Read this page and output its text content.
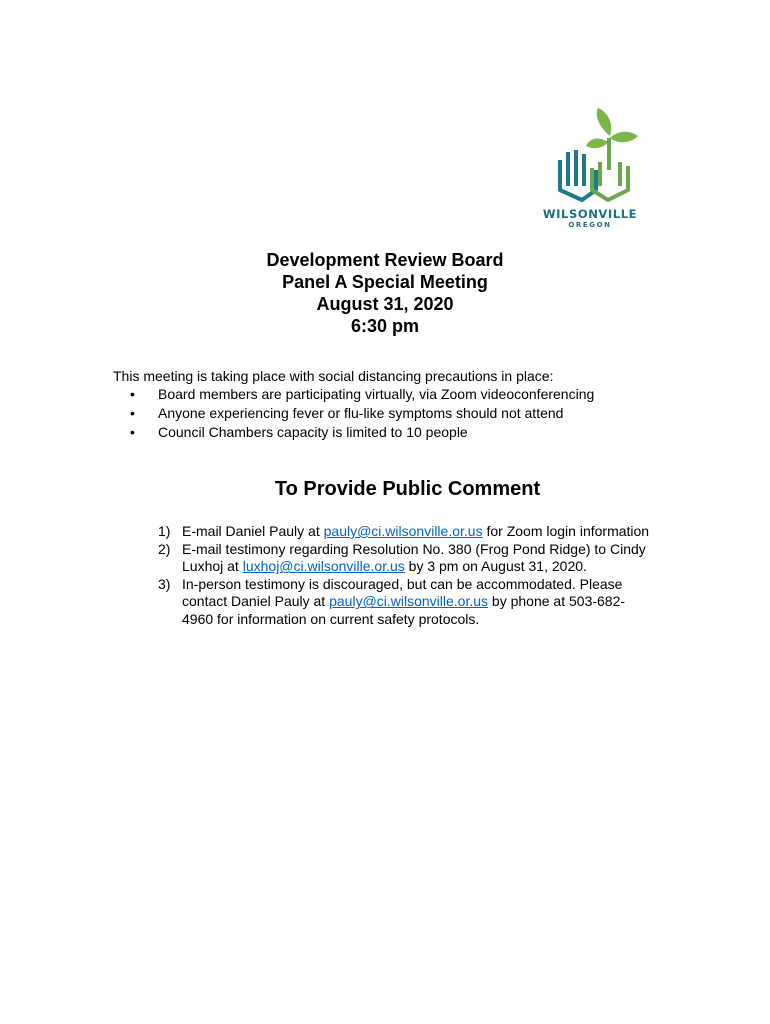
WILSONVILLE
OREGON
Development Review Board
Panel A Special Meeting
August 31, 2020
6:30 pm
This meeting is taking place with social distancing precautions in place:
• Board members are participating virtually, via Zoom videoconferencing
• Anyone experiencing fever or flu-like symptoms should not attend
• Council Chambers capacity is limited to 10 people
To Provide Public Comment
1) E-mail Daniel Pauly at pauly@ci.wilsonville.or.us for Zoom login information
2) E-mail testimony regarding Resolution No. 380 (Frog Pond Ridge) to Cindy Luxhoj at luxhoj@ci.wilsonville.or.us by 3 pm on August 31, 2020.
3) In-person testimony is discouraged, but can be accommodated. Please contact Daniel Pauly at pauly@ci.wilsonville.or.us by phone at 503-682-4960 for information on current safety protocols.
